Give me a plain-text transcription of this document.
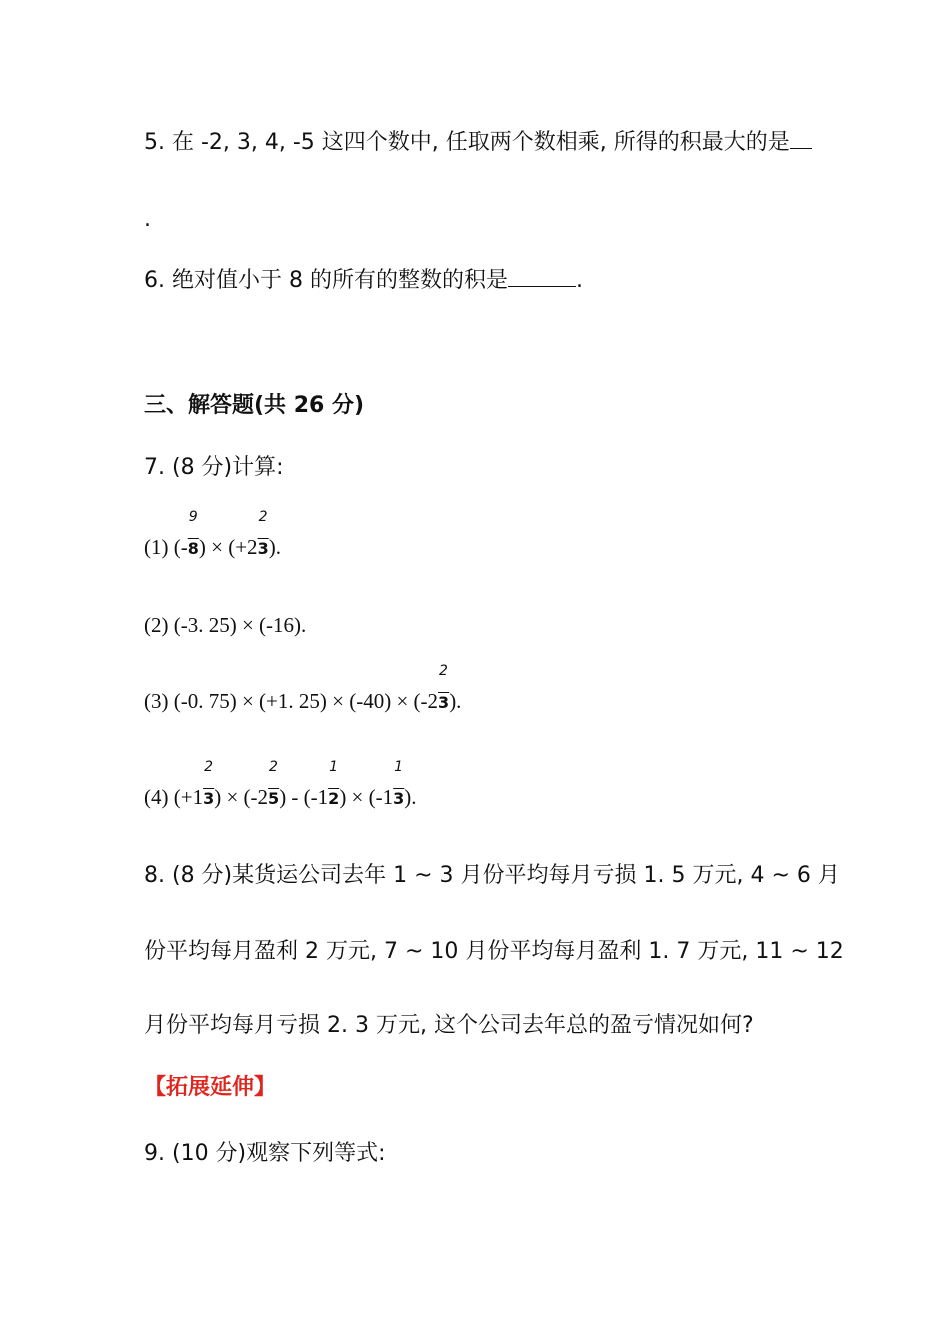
5. 在 -2, 3, 4, -5 这四个数中, 任取两个数相乘, 所得的积最大的是
.
6. 绝对值小于 8 的所有的整数的积是	.
三、解答题(共 26 分)
7. (8 分)计算:
(1) (- $\frac{9}{8}) \times (+2 \frac{2}{3})$.
(2) (-3. 25) × (-16).
(3) (-0. 75) × (+1. $25) \times (-40) \times (-2 \frac{2}{3})$.
(4) $(+1 \frac{2}{3}) \times (-2 \frac{2}{5}) - (-1 \frac{1}{2}) \times (-1 \frac{1}{3})$.
8. (8 分)某货运公司去年 1 ~ 3 月份平均每月亏损 1. 5 万元, 4 ~ 6 月
份平均每月盈利 2 万元, 7 ~ 10 月份平均每月盈利 1. 7 万元, 11 ~ 12
月份平均每月亏损 2. 3 万元, 这个公司去年总的盈亏情况如何?
【拓展延伸】
9. (10 分)观察下列等式:
